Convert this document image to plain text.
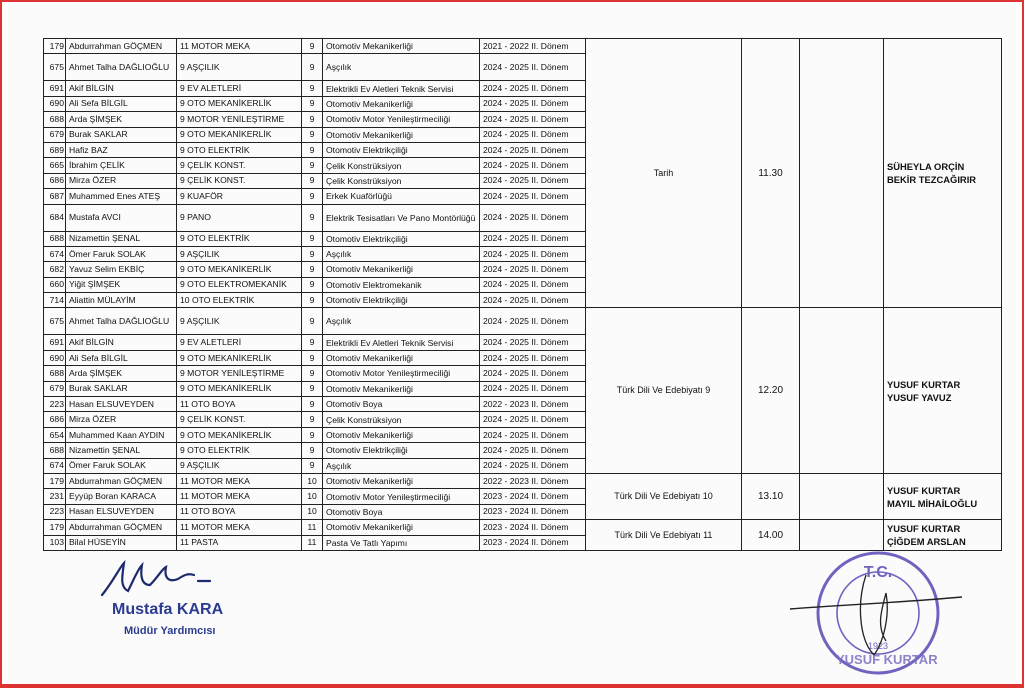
179	Abdurrahman GÖÇMEN	11 MOTOR MEKA	9	Otomotiv Mekanikerliği	2021 - 2022 II. Dönem	Tarih	11.30		SÜHEYLA ORÇİN
BEKİR TEZCAĞIRIR

675	Ahmet Talha DAĞLIOĞLU	9 AŞÇILIK	9	Aşçılık	2024 - 2025 II. Dönem				
691	Akif BİLGİN	9 EV ALETLERİ	9	Elektrikli Ev Aletleri Teknik Servisi	2024 - 2025 II. Dönem				
690	Ali Sefa BİLGİL	9 OTO MEKANİKERLİK	9	Otomotiv Mekanikerliği	2024 - 2025 II. Dönem				
688	Arda ŞİMŞEK	9 MOTOR YENİLEŞTİRME	9	Otomotiv Motor Yenileştirmeciliği	2024 - 2025 II. Dönem				
679	Burak SAKLAR	9 OTO MEKANİKERLİK	9	Otomotiv Mekanikerliği	2024 - 2025 II. Dönem				
689	Hafiz BAZ	9 OTO ELEKTRİK	9	Otomotiv Elektrikçiliği	2024 - 2025 II. Dönem				
665	İbrahim ÇELİK	9 ÇELİK KONST.	9	Çelik Konstrüksiyon	2024 - 2025 II. Dönem				
686	Mirza ÖZER	9 ÇELİK KONST.	9	Çelik Konstrüksiyon	2024 - 2025 II. Dönem				
687	Muhammed Enes ATEŞ	9 KUAFÖR	9	Erkek Kuaförlüğü	2024 - 2025 II. Dönem				
684	Mustafa AVCI	9 PANO	9	Elektrik Tesisatları Ve Pano Montörlüğü	2024 - 2025 II. Dönem				
688	Nizamettin ŞENAL	9 OTO ELEKTRİK	9	Otomotiv Elektrikçiliği	2024 - 2025 II. Dönem				
674	Ömer Faruk SOLAK	9 AŞÇILIK	9	Aşçılık	2024 - 2025 II. Dönem				
682	Yavuz Selim EKBİÇ	9 OTO MEKANİKERLİK	9	Otomotiv Mekanikerliği	2024 - 2025 II. Dönem				
660	Yiğit ŞİMŞEK	9 OTO ELEKTROMEKANİK	9	Otomotiv Elektromekanik	2024 - 2025 II. Dönem				
714	Aliattin MÜLAYİM	10 OTO ELEKTRİK	9	Otomotiv Elektrikçiliği	2024 - 2025 II. Dönem				
675	Ahmet Talha DAĞLIOĞLU	9 AŞÇILIK	9	Aşçılık	2024 - 2025 II. Dönem	Türk Dili Ve Edebiyatı 9	12.20		YUSUF KURTAR
YUSUF YAVUZ

691	Akif BİLGİN	9 EV ALETLERİ	9	Elektrikli Ev Aletleri Teknik Servisi	2024 - 2025 II. Dönem				
690	Ali Sefa BİLGİL	9 OTO MEKANİKERLİK	9	Otomotiv Mekanikerliği	2024 - 2025 II. Dönem				
688	Arda ŞİMŞEK	9 MOTOR YENİLEŞTİRME	9	Otomotiv Motor Yenileştirmeciliği	2024 - 2025 II. Dönem				
679	Burak SAKLAR	9 OTO MEKANİKERLİK	9	Otomotiv Mekanikerliği	2024 - 2025 II. Dönem				
223	Hasan ELSUVEYDEN	11 OTO BOYA	9	Otomotiv Boya	2022 - 2023 II. Dönem				
686	Mirza ÖZER	9 ÇELİK KONST.	9	Çelik Konstrüksiyon	2024 - 2025 II. Dönem				
654	Muhammed Kaan AYDIN	9 OTO MEKANİKERLİK	9	Otomotiv Mekanikerliği	2024 - 2025 II. Dönem				
688	Nizamettin ŞENAL	9 OTO ELEKTRİK	9	Otomotiv Elektrikçiliği	2024 - 2025 II. Dönem				
674	Ömer Faruk SOLAK	9 AŞÇILIK	9	Aşçılık	2024 - 2025 II. Dönem				
179	Abdurrahman GÖÇMEN	11 MOTOR MEKA	10	Otomotiv Mekanikerliği	2022 - 2023 II. Dönem	Türk Dili Ve Edebiyatı 10	13.10		YUSUF KURTAR
MAYIL MİHAİLOĞLU

231	Eyyüp Boran KARACA	11 MOTOR MEKA	10	Otomotiv Motor Yenileştirmeciliği	2023 - 2024 II. Dönem				
223	Hasan ELSUVEYDEN	11 OTO BOYA	10	Otomotiv Boya	2023 - 2024 II. Dönem				
179	Abdurrahman GÖÇMEN	11 MOTOR MEKA	11	Otomotiv Mekanikerliği	2023 - 2024 II. Dönem	Türk Dili Ve Edebiyatı 11	14.00		YUSUF KURTAR
ÇİĞDEM ARSLAN

103	Bilal HÜSEYİN	11 PASTA	11	Pasta Ve Tatlı Yapımı	2023 - 2024 II. Dönem				
Mustafa KARA
Müdür Yardımcısı
T.C.
1923
YUSUF KURTAR
